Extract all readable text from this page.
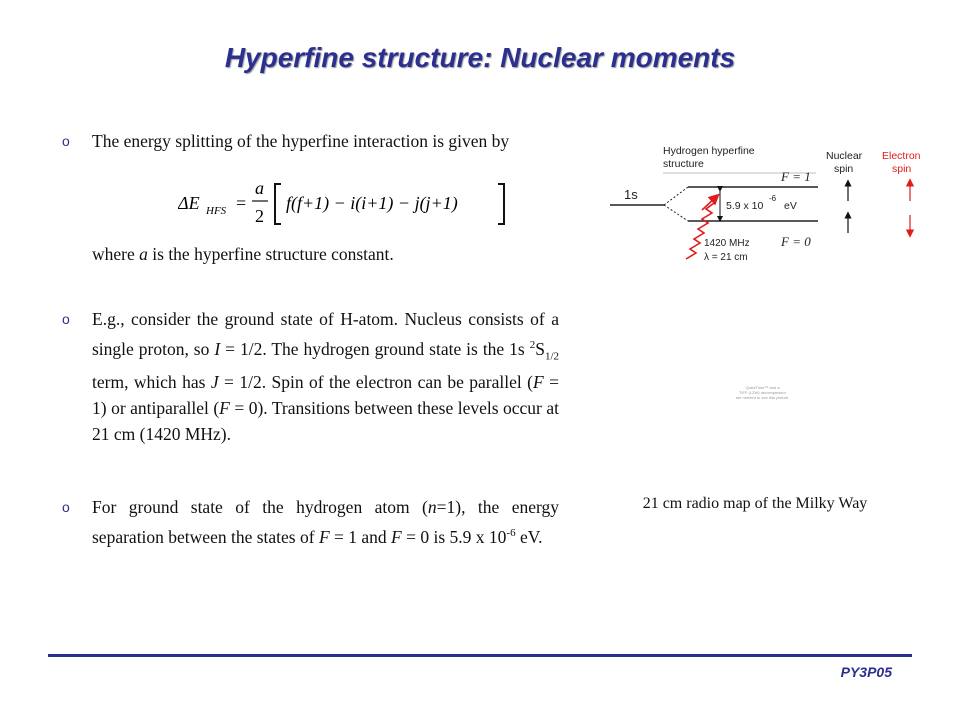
Hyperfine structure: Nuclear moments
o The energy splitting of the hyperfine interaction is given by
ΔE HFS =
a
2
f(f+1) − i(i+1) − j(j+1)
where a is the hyperfine structure constant.
o E.g., consider the ground state of H-atom. Nucleus consists of a single proton, so I = 1/2. The hydrogen ground state is the 1s $^2S_{1/2}$ term, which has J = 1/2. Spin of the electron can be parallel (F = 1) or antiparallel (F = 0). Transitions between these levels occur at 21 cm (1420 MHz).
o For ground state of the hydrogen atom (n=1), the energy separation between the states of F = 1 and F = 0 is 5.9 x $10^{-6}$ eV.
Hydrogen hyperfine
structure
Nuclear
spin
Electron
spin
1s
5.9 x 10
-6
eV
F = 1
F = 0
1420 MHz
λ = 21 cm
QuickTime™ and a
TIFF (LZW) decompressor
are needed to see this picture.
21 cm radio map of the Milky Way
PY3P05
